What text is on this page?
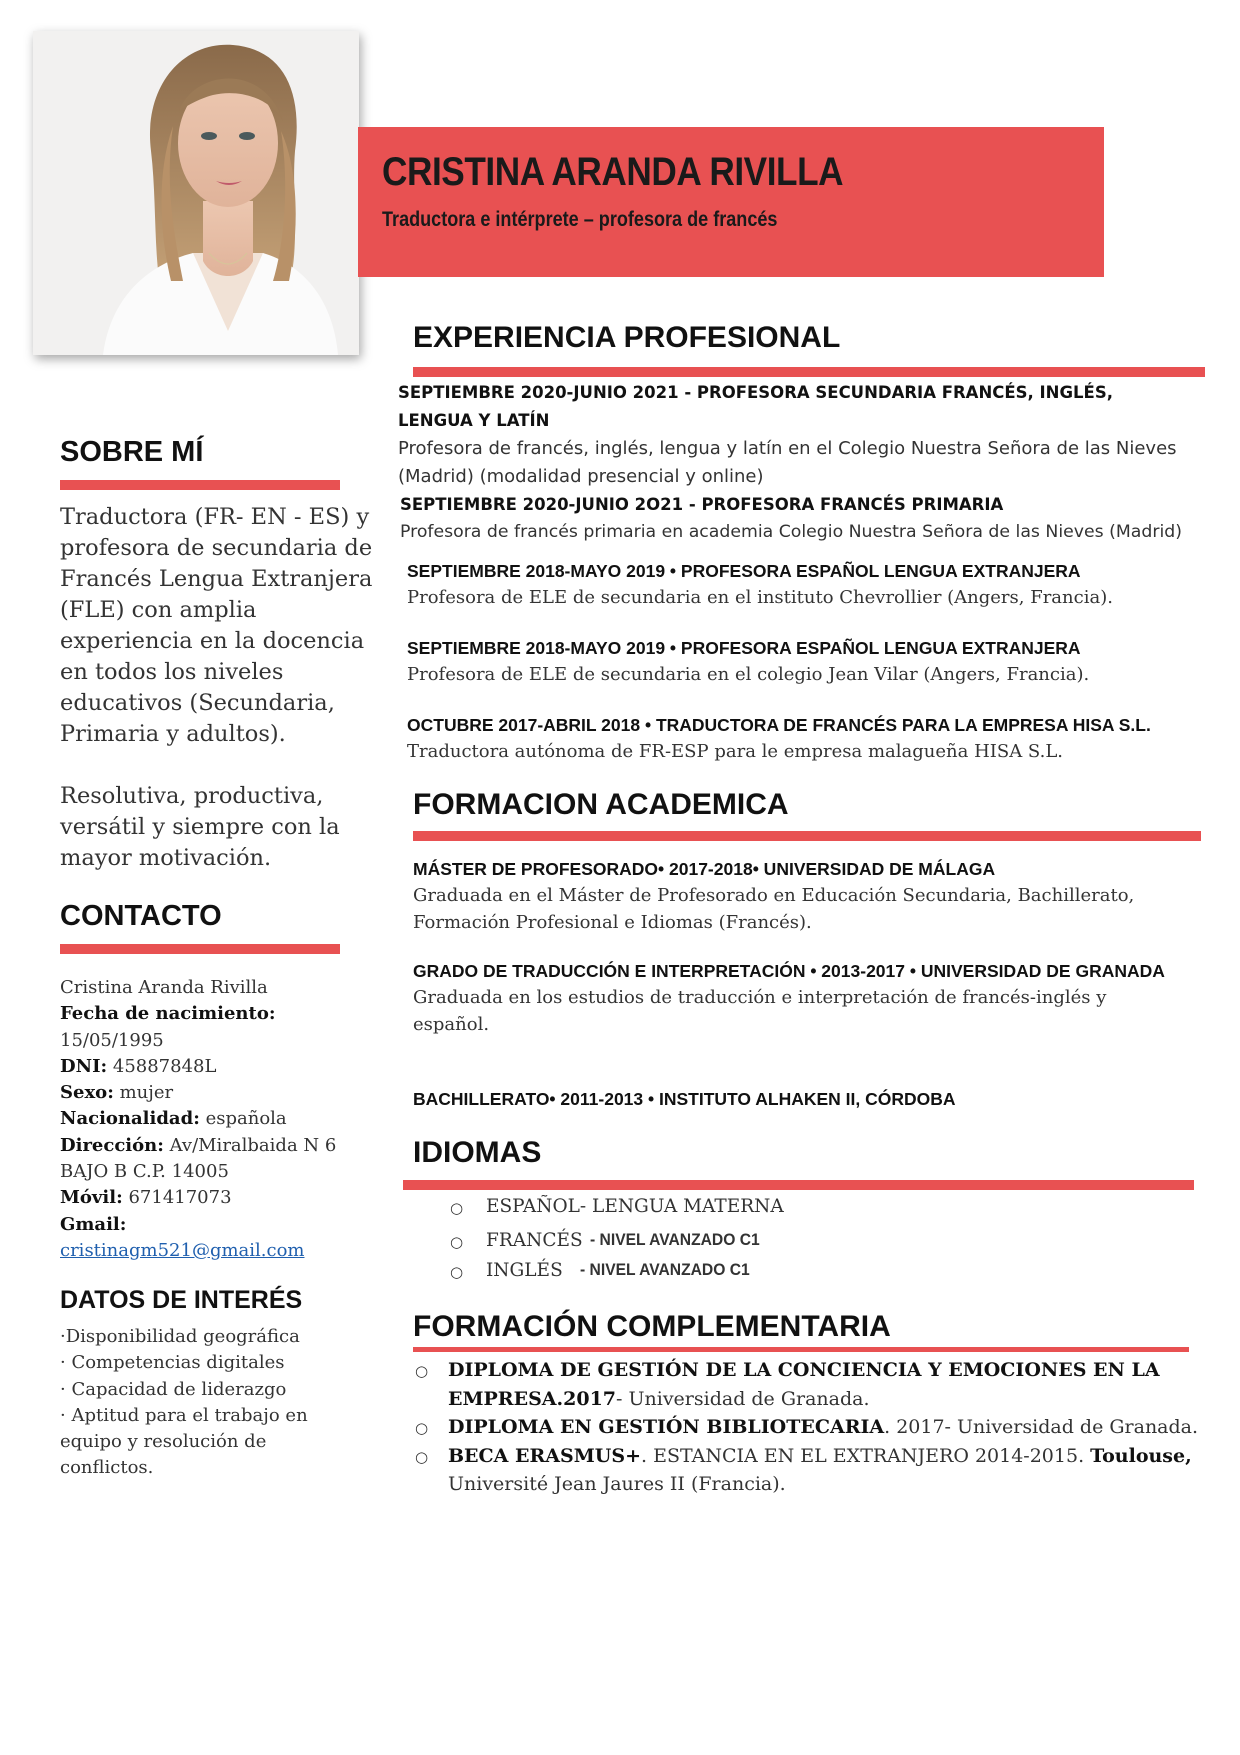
CRISTINA ARANDA RIVILLA
Traductora e intérprete – profesora de francés
SOBRE MÍ

Traductora (FR- EN - ES) y profesora de secundaria de Francés Lengua Extranjera (FLE) con amplia experiencia en la docencia en todos los niveles educativos (Secundaria, Primaria y adultos).

Resolutiva, productiva, versátil y siempre con la mayor motivación.

CONTACTO
Cristina Aranda Rivilla
Fecha de nacimiento:
15/05/1995
DNI: 45887848L
Sexo: mujer
Nacionalidad: española
Dirección: Av/Miralbaida N 6 BAJO B C.P. 14005
Móvil: 671417073
Gmail:
cristinagm521@gmail.com
DATOS DE INTERÉS
·Disponibilidad geográfica
· Competencias digitales
· Capacidad de liderazgo
· Aptitud para el trabajo en equipo y resolución de conflictos.
EXPERIENCIA PROFESIONAL
SEPTIEMBRE 2020-JUNIO 2021 - PROFESORA SECUNDARIA FRANCÉS, INGLÉS, LENGUA Y LATÍN
Profesora de francés, inglés, lengua y latín en el Colegio Nuestra Señora de las Nieves (Madrid) (modalidad presencial y online)
SEPTIEMBRE 2020-JUNIO 2O21 - PROFESORA FRANCÉS PRIMARIA
Profesora de francés primaria en academia Colegio Nuestra Señora de las Nieves (Madrid)
SEPTIEMBRE 2018-MAYO 2019 • PROFESORA ESPAÑOL LENGUA EXTRANJERA
Profesora de ELE de secundaria en el instituto Chevrollier (Angers, Francia).
SEPTIEMBRE 2018-MAYO 2019 • PROFESORA ESPAÑOL LENGUA EXTRANJERA
Profesora de ELE de secundaria en el colegio Jean Vilar (Angers, Francia).
OCTUBRE 2017-ABRIL 2018 • TRADUCTORA DE FRANCÉS PARA LA EMPRESA HISA S.L.
Traductora autónoma de FR-ESP para le empresa malagueña HISA S.L.
FORMACION ACADEMICA
MÁSTER DE PROFESORADO• 2017-2018• UNIVERSIDAD DE MÁLAGA
Graduada en el Máster de Profesorado en Educación Secundaria, Bachillerato, Formación Profesional e Idiomas (Francés).
GRADO DE TRADUCCIÓN E INTERPRETACIÓN • 2013-2017 • UNIVERSIDAD DE GRANADA
Graduada en los estudios de traducción e interpretación de francés-inglés y español.
BACHILLERATO• 2011-2013 • INSTITUTO ALHAKEN II, CÓRDOBA
IDIOMAS
○ ESPAÑOL- LENGUA MATERNA
○ FRANCÉS - NIVEL AVANZADO C1
○ INGLÉS - NIVEL AVANZADO C1
FORMACIÓN COMPLEMENTARIA
○ DIPLOMA DE GESTIÓN DE LA CONCIENCIA Y EMOCIONES EN LA EMPRESA.2017- Universidad de Granada.
○ DIPLOMA EN GESTIÓN BIBLIOTECARIA. 2017- Universidad de Granada.
○ BECA ERASMUS+. ESTANCIA EN EL EXTRANJERO 2014-2015. Toulouse, Université Jean Jaures II (Francia).
